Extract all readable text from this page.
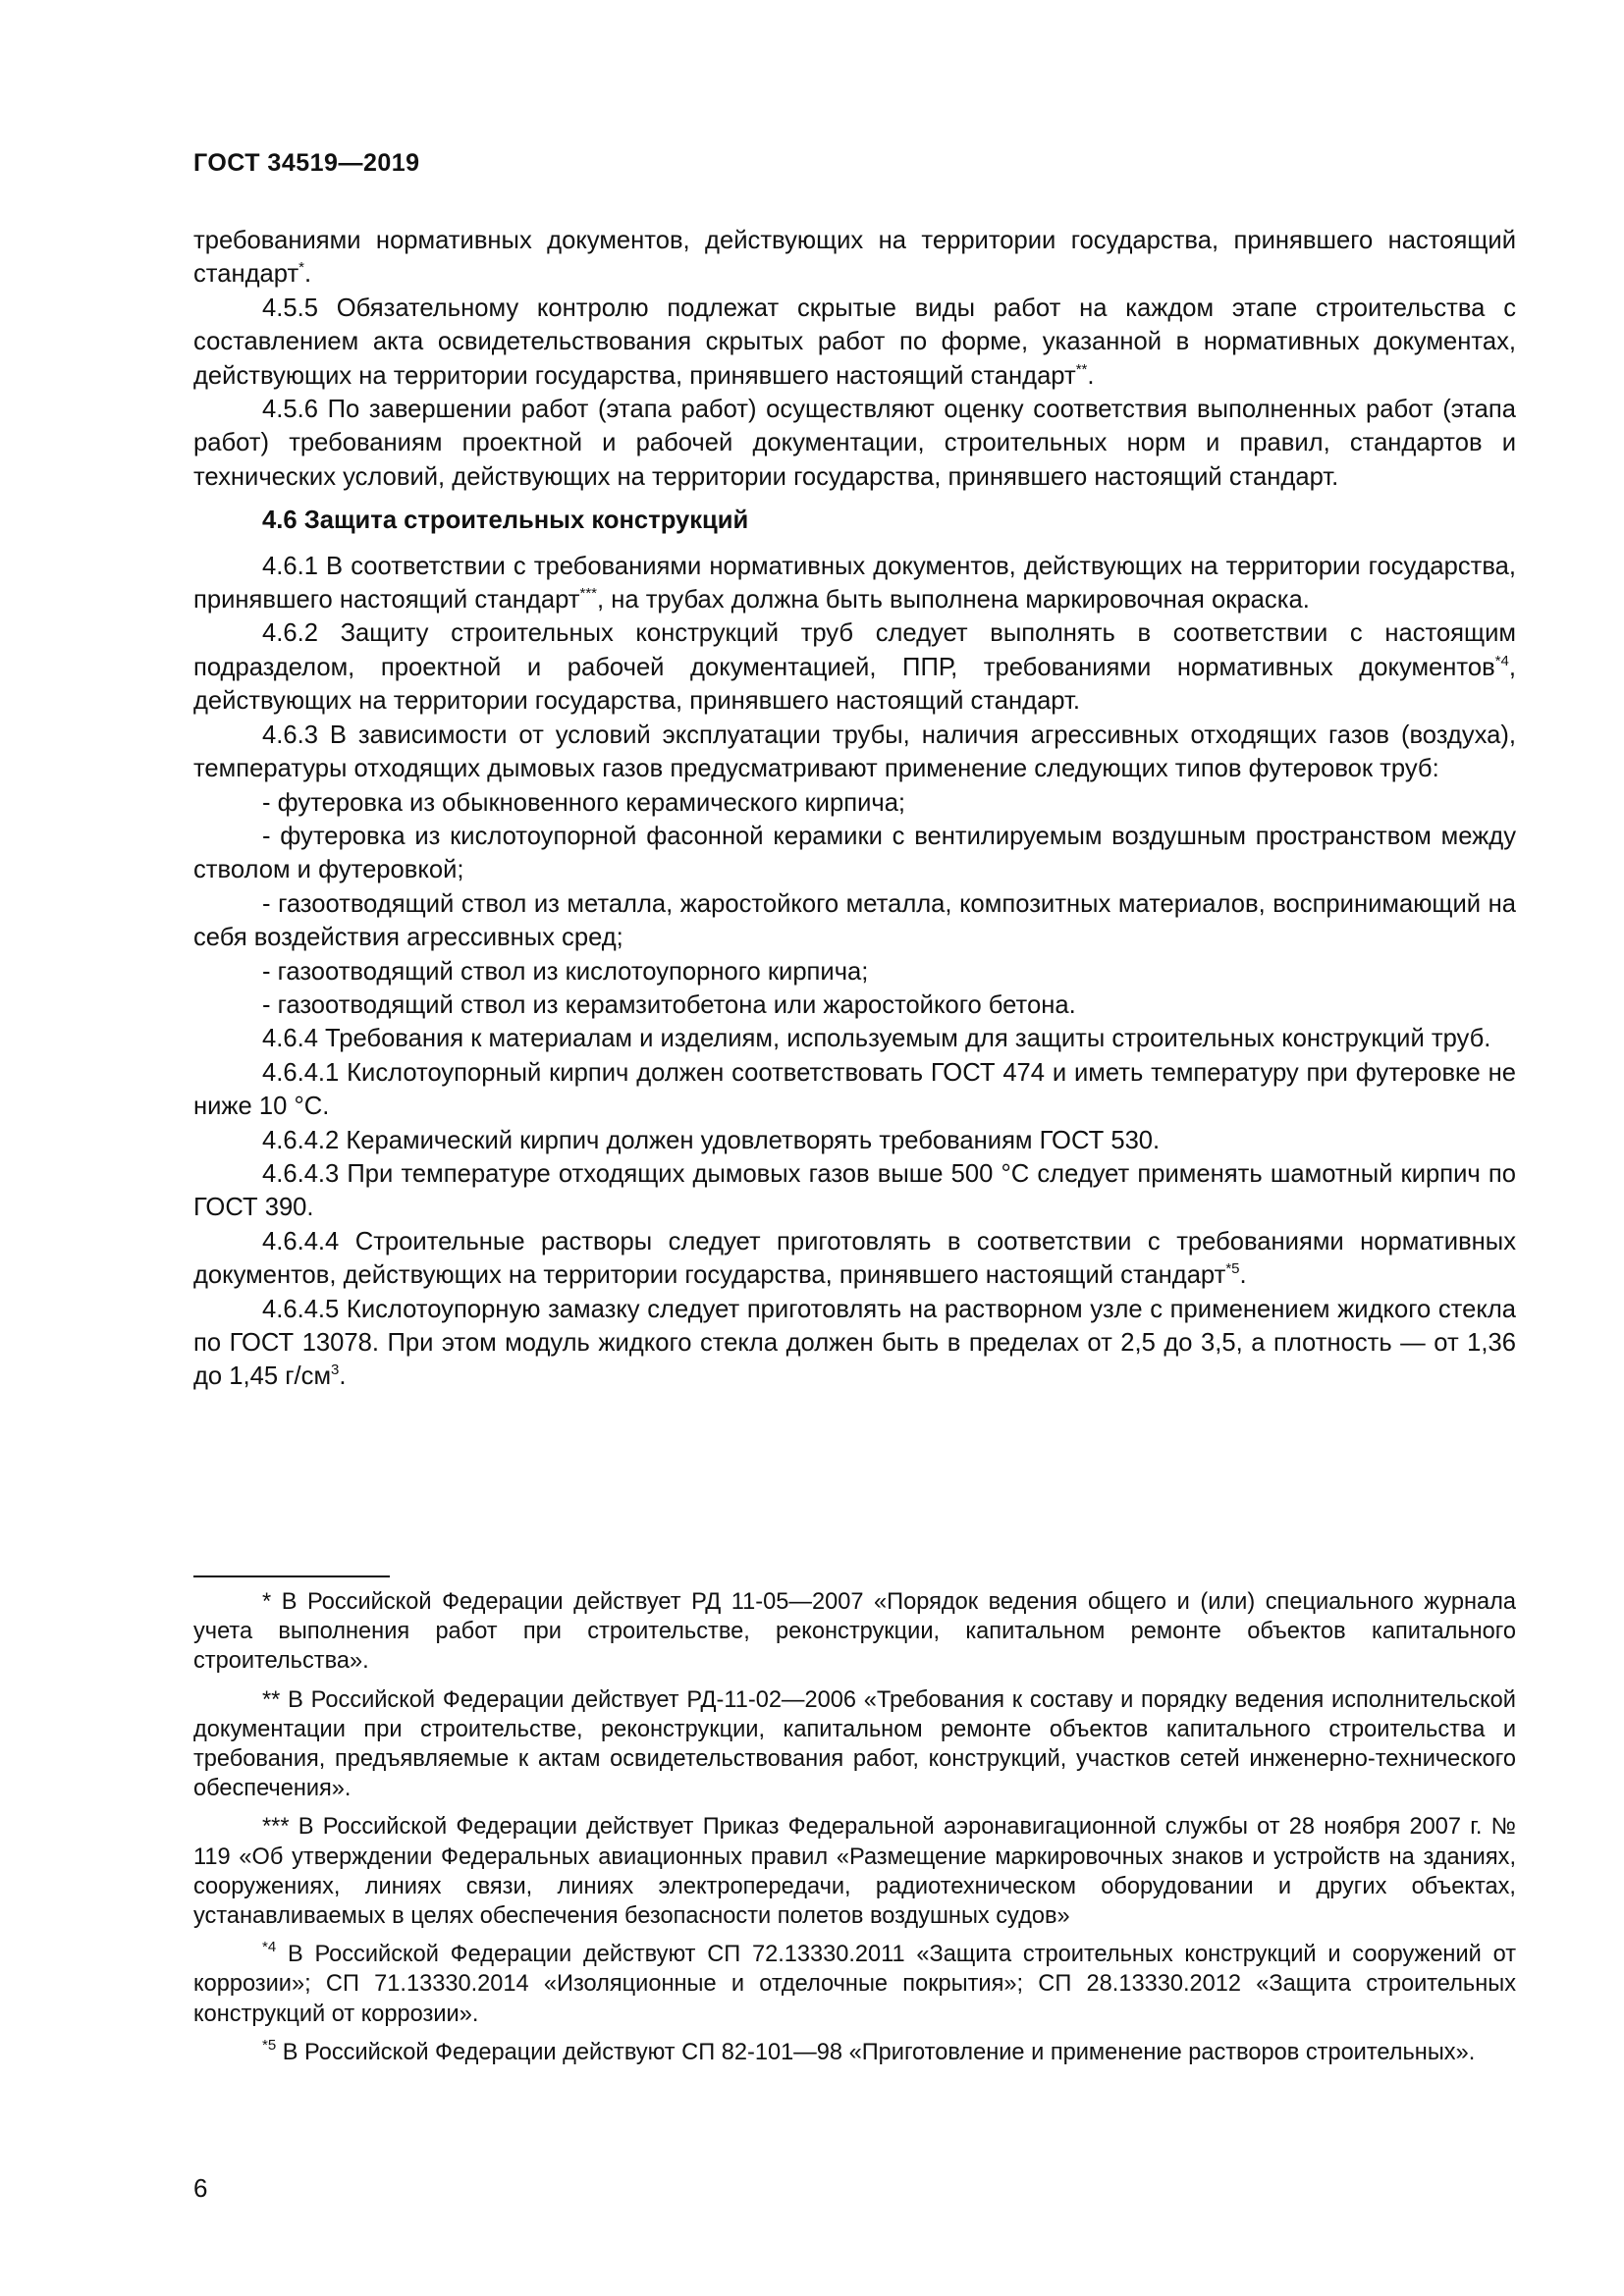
ГОСТ 34519—2019

требованиями нормативных документов, действующих на территории государства, принявшего настоящий стандарт*.

4.5.5 Обязательному контролю подлежат скрытые виды работ на каждом этапе строительства с составлением акта освидетельствования скрытых работ по форме, указанной в нормативных документах, действующих на территории государства, принявшего настоящий стандарт**.

4.5.6 По завершении работ (этапа работ) осуществляют оценку соответствия выполненных работ (этапа работ) требованиям проектной и рабочей документации, строительных норм и правил, стандартов и технических условий, действующих на территории государства, принявшего настоящий стандарт.

4.6 Защита строительных конструкций

4.6.1 В соответствии с требованиями нормативных документов, действующих на территории государства, принявшего настоящий стандарт***, на трубах должна быть выполнена маркировочная окраска.

4.6.2 Защиту строительных конструкций труб следует выполнять в соответствии с настоящим подразделом, проектной и рабочей документацией, ППР, требованиями нормативных документов$^{*4}$, действующих на территории государства, принявшего настоящий стандарт.

4.6.3 В зависимости от условий эксплуатации трубы, наличия агрессивных отходящих газов (воздуха), температуры отходящих дымовых газов предусматривают применение следующих типов футеровок труб:

- футеровка из обыкновенного керамического кирпича;

- футеровка из кислотоупорной фасонной керамики с вентилируемым воздушным пространством между стволом и футеровкой;

- газоотводящий ствол из металла, жаростойкого металла, композитных материалов, воспринимающий на себя воздействия агрессивных сред;

- газоотводящий ствол из кислотоупорного кирпича;

- газоотводящий ствол из керамзитобетона или жаростойкого бетона.

4.6.4 Требования к материалам и изделиям, используемым для защиты строительных конструкций труб.

4.6.4.1 Кислотоупорный кирпич должен соответствовать ГОСТ 474 и иметь температуру при футеровке не ниже 10 °С.

4.6.4.2 Керамический кирпич должен удовлетворять требованиям ГОСТ 530.

4.6.4.3 При температуре отходящих дымовых газов выше 500 °С следует применять шамотный кирпич по ГОСТ 390.

4.6.4.4 Строительные растворы следует приготовлять в соответствии с требованиями нормативных документов, действующих на территории государства, принявшего настоящий стандарт$^{*5}$.

4.6.4.5 Кислотоупорную замазку следует приготовлять на растворном узле с применением жидкого стекла по ГОСТ 13078. При этом модуль жидкого стекла должен быть в пределах от 2,5 до 3,5, а плотность — от 1,36 до 1,45 $г/см^3$.

* В Российской Федерации действует РД 11-05—2007 «Порядок ведения общего и (или) специального журнала учета выполнения работ при строительстве, реконструкции, капитальном ремонте объектов капитального строительства».

** В Российской Федерации действует РД-11-02—2006 «Требования к составу и порядку ведения исполнительской документации при строительстве, реконструкции, капитальном ремонте объектов капитального строительства и требования, предъявляемые к актам освидетельствования работ, конструкций, участков сетей инженерно-технического обеспечения».

*** В Российской Федерации действует Приказ Федеральной аэронавигационной службы от 28 ноября 2007 г. № 119 «Об утверждении Федеральных авиационных правил «Размещение маркировочных знаков и устройств на зданиях, сооружениях, линиях связи, линиях электропередачи, радиотехническом оборудовании и других объектах, устанавливаемых в целях обеспечения безопасности полетов воздушных судов»

$^{*4}$ В Российской Федерации действуют СП 72.13330.2011 «Защита строительных конструкций и сооружений от коррозии»; СП 71.13330.2014 «Изоляционные и отделочные покрытия»; СП 28.13330.2012 «Защита строительных конструкций от коррозии».

$^{*5}$ В Российской Федерации действуют СП 82-101—98 «Приготовление и применение растворов строительных».

6
